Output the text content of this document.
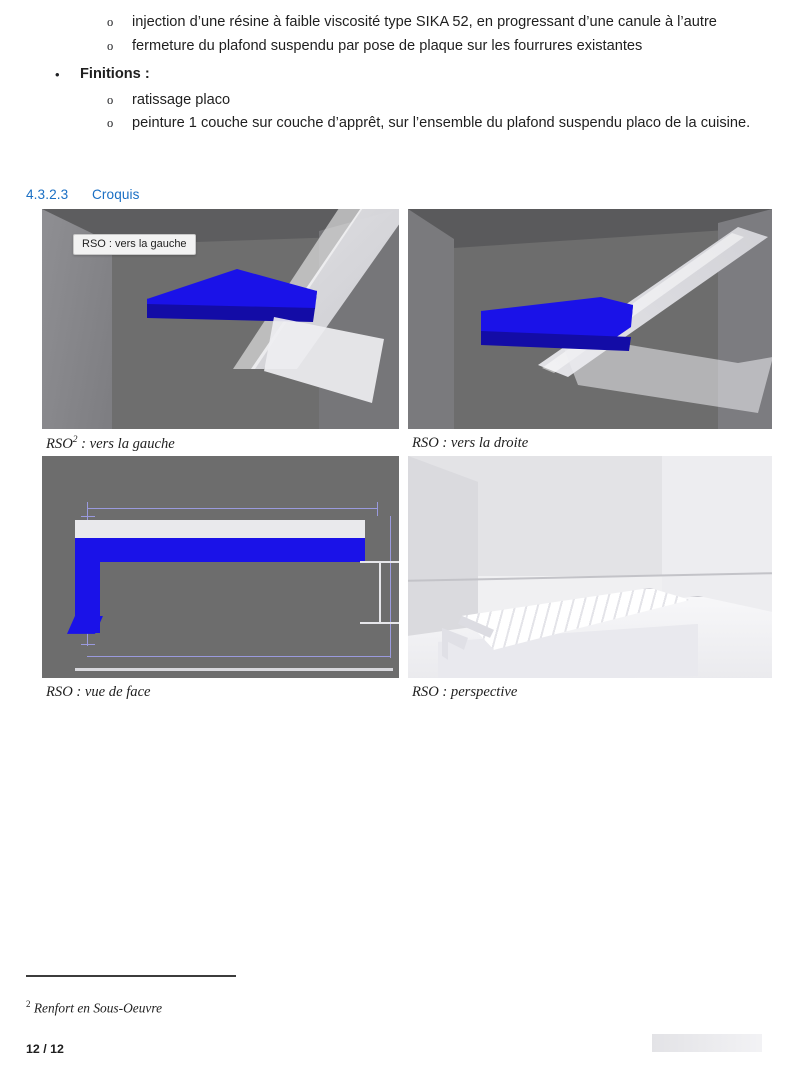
o	injection d’une résine à faible viscosité type SIKA 52, en progressant d’une canule à l’autre
o	fermeture du plafond suspendu par pose de plaque sur les fourrures existantes
•	Finitions :
o	ratissage placo
o	peinture 1 couche sur couche d’apprêt, sur l’ensemble du plafond suspendu placo de la cuisine.
4.3.2.3 Croquis
RSO : vers la gauche
RSO$^2$ : vers la gauche	RSO : vers la droite
RSO : vue de face	RSO : perspective
$^2$ Renfort en Sous-Oeuvre
12 / 12
